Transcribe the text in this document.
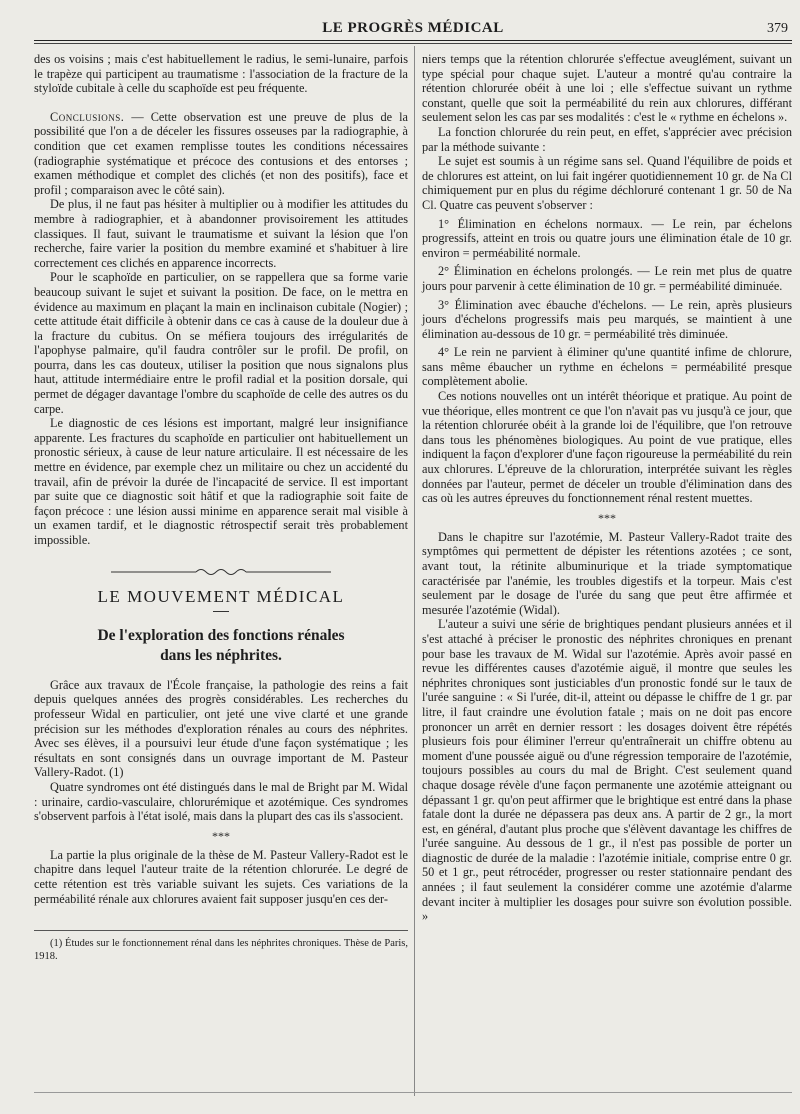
LE PROGRÈS MÉDICAL	379

des os voisins ; mais c'est habituellement le radius, le semi-lunaire, parfois le trapèze qui participent au traumatisme : l'association de la fracture de la styloïde cubitale à celle du scaphoïde est peu fréquente.

Conclusions. — Cette observation est une preuve de plus de la possibilité que l'on a de déceler les fissures osseuses par la radiographie, à condition que cet examen remplisse toutes les conditions nécessaires (radiographie systématique et précoce des contusions et des entorses ; examen méthodique et complet des clichés (et non des positifs), face et profil ; comparaison avec le côté sain).

De plus, il ne faut pas hésiter à multiplier ou à modifier les attitudes du membre à radiographier, et à abandonner provisoirement les attitudes classiques. Il faut, suivant le traumatisme et suivant la lésion que l'on recherche, faire varier la position du membre examiné et s'habituer à lire correctement ces clichés en apparence incorrects.

Pour le scaphoïde en particulier, on se rappellera que sa forme varie beaucoup suivant le sujet et suivant la position. De face, on le mettra en évidence au maximum en plaçant la main en inclinaison cubitale (Nogier) ; cette attitude était difficile à obtenir dans ce cas à cause de la douleur due à la fracture du cubitus. On se méfiera toujours des irrégularités de l'apophyse palmaire, qu'il faudra contrôler sur le profil. De profil, on pourra, dans les cas douteux, utiliser la position que nous signalons plus haut, attitude intermédiaire entre le profil radial et la position dorsale, qui permet de dégager davantage l'ombre du scaphoïde de celle des autres os du carpe.

Le diagnostic de ces lésions est important, malgré leur insignifiance apparente. Les fractures du scaphoïde en particulier ont habituellement un pronostic sérieux, à cause de leur nature articulaire. Il est nécessaire de les mettre en évidence, par exemple chez un militaire ou chez un accidenté du travail, afin de prévoir la durée de l'incapacité de service. Il est important par suite que ce diagnostic soit hâtif et que la radiographie soit faite de façon précoce : une lésion aussi minime en apparence serait mal visible à un examen tardif, et le diagnostic rétrospectif serait très probablement impossible.

LE MOUVEMENT MÉDICAL
De l'exploration des fonctions rénales
dans les néphrites.

Grâce aux travaux de l'École française, la pathologie des reins a fait depuis quelques années des progrès considérables. Les recherches du professeur Widal en particulier, ont jeté une vive clarté et une grande précision sur les méthodes d'exploration rénales au cours des néphrites. Avec ses élèves, il a poursuivi leur étude d'une façon systématique ; les résultats en sont consignés dans un ouvrage important de M. Pasteur Vallery-Radot. (1)

Quatre syndromes ont été distingués dans le mal de Bright par M. Widal : urinaire, cardio-vasculaire, chlorurémique et azotémique. Ces syndromes s'observent parfois à l'état isolé, mais dans la plupart des cas ils s'associent.

***

La partie la plus originale de la thèse de M. Pasteur Vallery-Radot est le chapitre dans lequel l'auteur traite de la rétention chlorurée. Le degré de cette rétention est très variable suivant les sujets. Ces variations de la perméabilité rénale aux chlorures avaient fait supposer jusqu'en ces der-

(1) Études sur le fonctionnement rénal dans les néphrites chroniques. Thèse de Paris, 1918.

niers temps que la rétention chlorurée s'effectue aveuglément, suivant un type spécial pour chaque sujet. L'auteur a montré qu'au contraire la rétention chlorurée obéit à une loi ; elle s'effectue suivant un rythme constant, quelle que soit la perméabilité du rein aux chlorures, différant seulement selon les cas par ses modalités : c'est le « rythme en échelons ».

La fonction chlorurée du rein peut, en effet, s'apprécier avec précision par la méthode suivante :

Le sujet est soumis à un régime sans sel. Quand l'équilibre de poids et de chlorures est atteint, on lui fait ingérer quotidiennement 10 gr. de Na Cl chimiquement pur en plus du régime déchloruré contenant 1 gr. 50 de Na Cl. Quatre cas peuvent s'observer :

1° Élimination en échelons normaux. — Le rein, par échelons progressifs, atteint en trois ou quatre jours une élimination étale de 10 gr. environ = perméabilité normale.

2° Élimination en échelons prolongés. — Le rein met plus de quatre jours pour parvenir à cette élimination de 10 gr. = perméabilité diminuée.

3° Élimination avec ébauche d'échelons. — Le rein, après plusieurs jours d'échelons progressifs mais peu marqués, se maintient à une élimination au-dessous de 10 gr. = perméabilité très diminuée.

4° Le rein ne parvient à éliminer qu'une quantité infime de chlorure, sans même ébaucher un rythme en échelons = perméabilité presque complètement abolie.

Ces notions nouvelles ont un intérêt théorique et pratique. Au point de vue théorique, elles montrent ce que l'on n'avait pas vu jusqu'à ce jour, que la rétention chlorurée obéit à la grande loi de l'équilibre, que l'on retrouve dans tous les phénomènes biologiques. Au point de vue pratique, elles indiquent la façon d'explorer d'une façon rigoureuse la perméabilité du rein aux chlorures. L'épreuve de la chloruration, interprétée suivant les règles données par l'auteur, permet de déceler un trouble d'élimination dans des cas où les autres épreuves du fonctionnement rénal restent muettes.

***

Dans le chapitre sur l'azotémie, M. Pasteur Vallery-Radot traite des symptômes qui permettent de dépister les rétentions azotées ; ce sont, avant tout, la rétinite albuminurique et la triade symptomatique caractérisée par l'anémie, les troubles digestifs et la torpeur. Mais c'est seulement par le dosage de l'urée du sang que peut être affirmée et mesurée l'azotémie (Widal).

L'auteur a suivi une série de brightiques pendant plusieurs années et il s'est attaché à préciser le pronostic des néphrites chroniques en prenant pour base les travaux de M. Widal sur l'azotémie. Après avoir passé en revue les différentes causes d'azotémie aiguë, il montre que seules les néphrites chroniques sont justiciables d'un pronostic fondé sur le taux de l'urée sanguine : « Si l'urée, dit-il, atteint ou dépasse le chiffre de 1 gr. par litre, il faut craindre une évolution fatale ; mais on ne doit pas encore prononcer un arrêt en dernier ressort : les dosages doivent être répétés plusieurs fois pour éliminer l'erreur qu'entraînerait un chiffre obtenu au moment d'une poussée aiguë ou d'une régression temporaire de l'azotémie, toujours possibles au cours du mal de Bright. C'est seulement quand chaque dosage révèle d'une façon permanente une azotémie atteignant ou dépassant 1 gr. qu'on peut affirmer que le brightique est entré dans la phase fatale dont la durée ne dépassera pas deux ans. A partir de 2 gr., la mort est, en général, d'autant plus proche que s'élèvent davantage les chiffres de l'urée sanguine. Au dessous de 1 gr., il n'est pas possible de porter un diagnostic de durée de la maladie : l'azotémie initiale, comprise entre 0 gr. 50 et 1 gr., peut rétrocéder, progresser ou rester stationnaire pendant des années ; il faut seulement la considérer comme une azotémie d'alarme devant inciter à multiplier les dosages pour suivre son évolution possible. »
